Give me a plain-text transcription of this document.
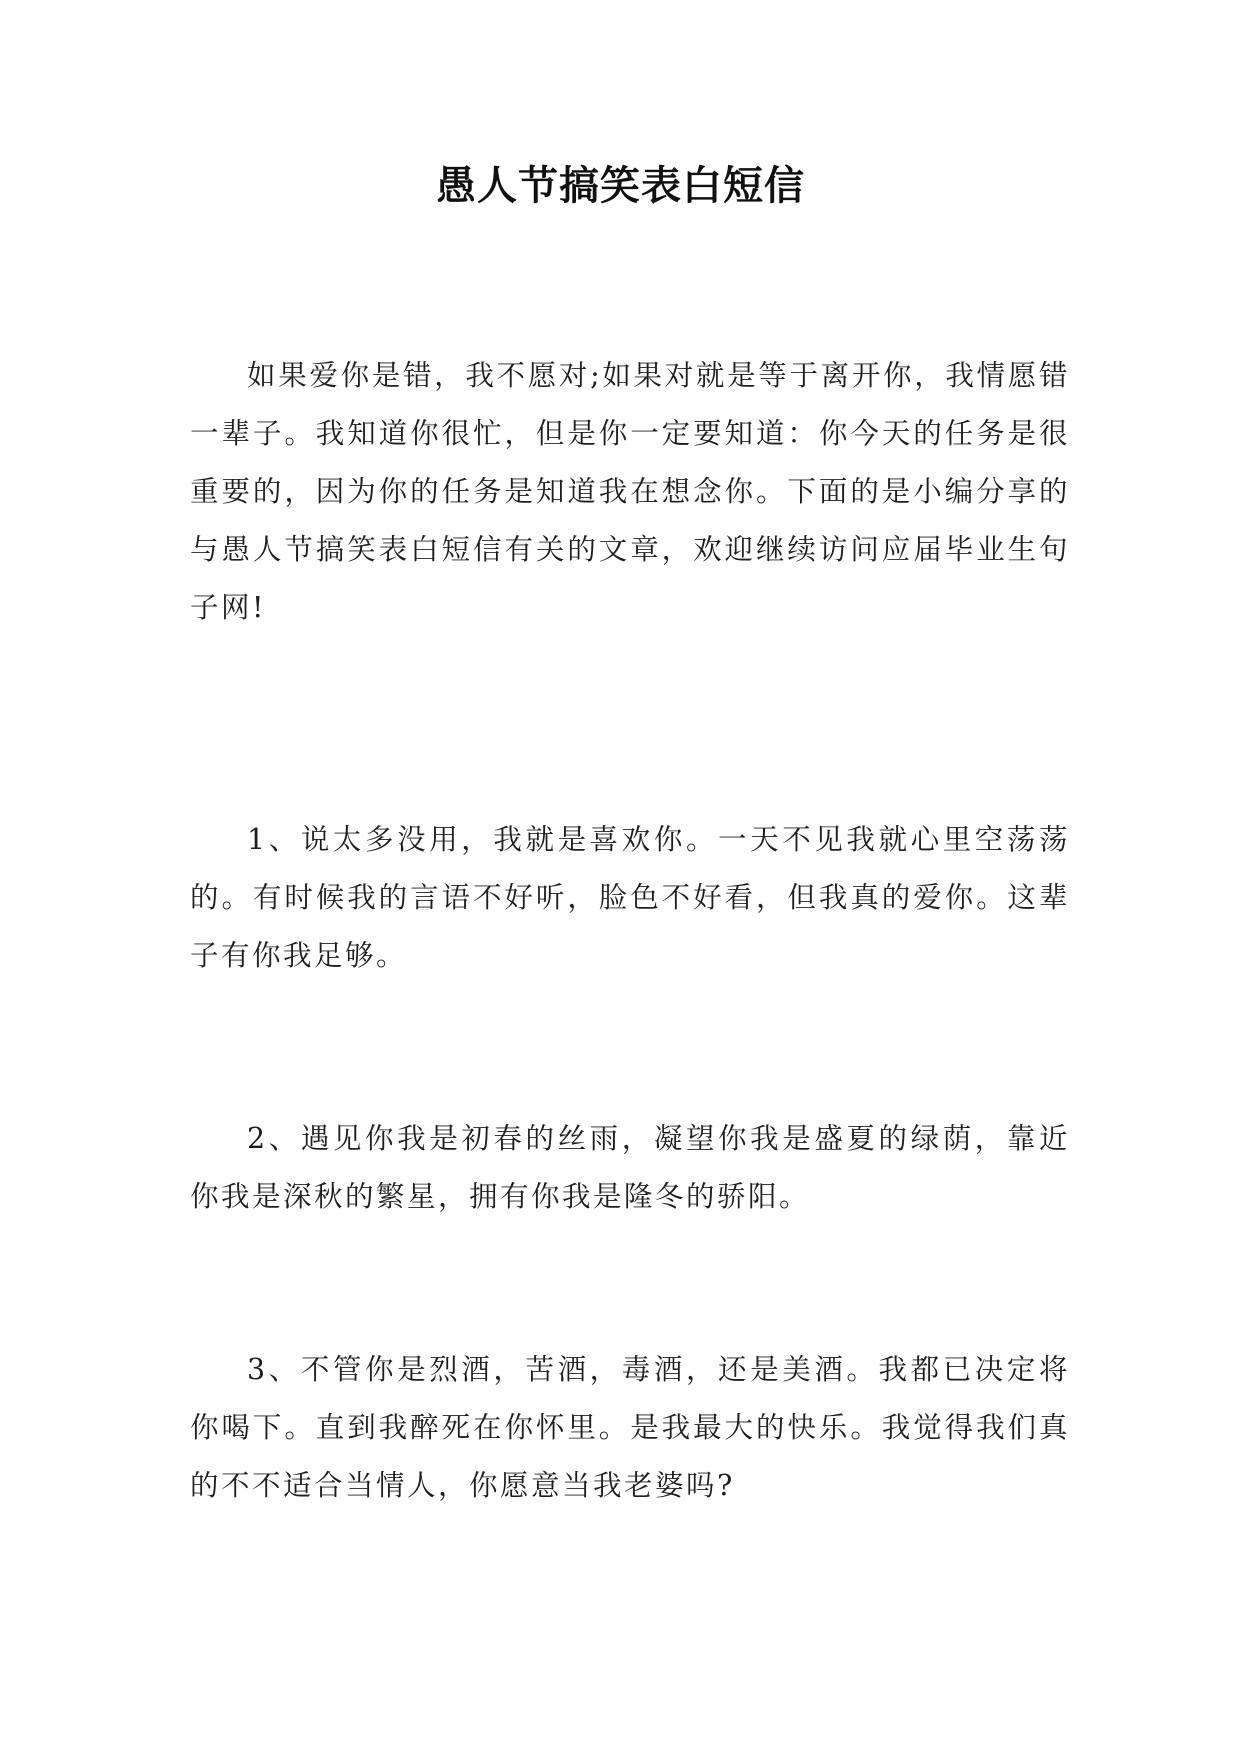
愚人节搞笑表白短信

如果爱你是错，我不愿对;如果对就是等于离开你，我情愿错一辈子。我知道你很忙，但是你一定要知道：你今天的任务是很重要的，因为你的任务是知道我在想念你。下面的是小编分享的与愚人节搞笑表白短信有关的文章，欢迎继续访问应届毕业生句子网!

1、说太多没用，我就是喜欢你。一天不见我就心里空荡荡的。有时候我的言语不好听，脸色不好看，但我真的爱你。这辈子有你我足够。

2、遇见你我是初春的丝雨，凝望你我是盛夏的绿荫，靠近你我是深秋的繁星，拥有你我是隆冬的骄阳。

3、不管你是烈酒，苦酒，毒酒，还是美酒。我都已决定将你喝下。直到我醉死在你怀里。是我最大的快乐。我觉得我们真的不不适合当情人，你愿意当我老婆吗?
